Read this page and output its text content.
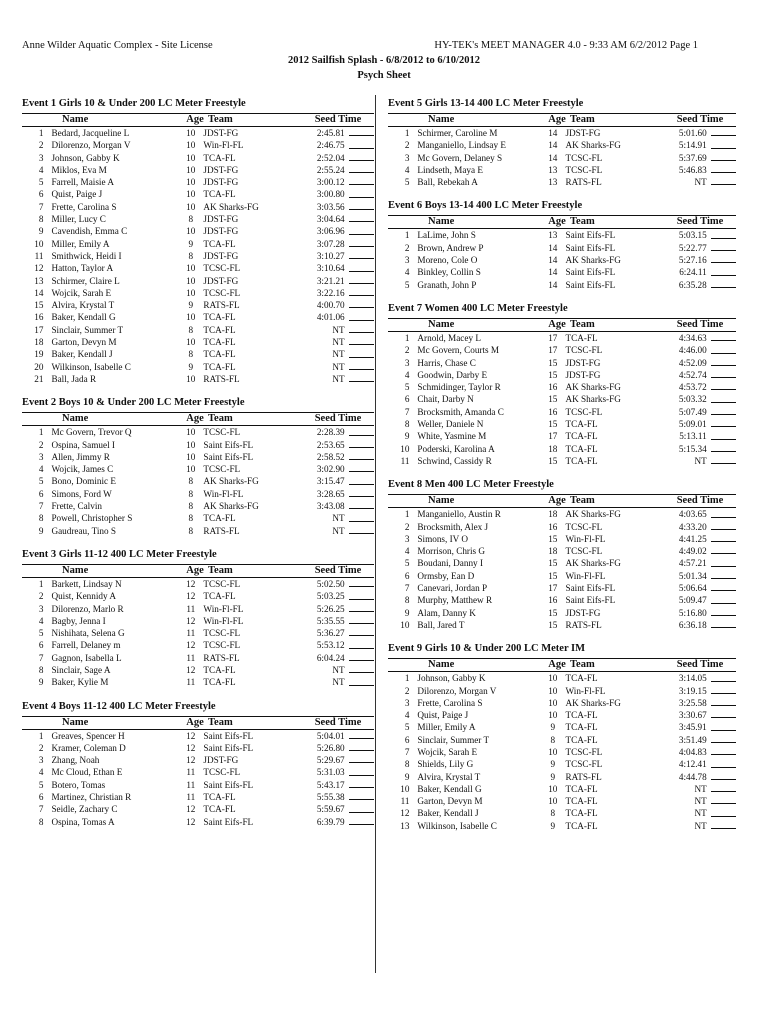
Anne Wilder Aquatic Complex - Site License	HY-TEK's MEET MANAGER 4.0 - 9:33 AM 6/2/2012 Page 1
2012 Sailfish Splash - 6/8/2012 to 6/10/2012
Psych Sheet
Event 1 Girls 10 & Under 200 LC Meter Freestyle
Name	Age Team	Seed Time
1 Bedard, Jacqueline L	10 JDST-FG	2:45.81
2 Dilorenzo, Morgan V	10 Win-Fl-FL	2:46.75
3 Johnson, Gabby K	10 TCA-FL	2:52.04
4 Miklos, Eva M	10 JDST-FG	2:55.24
5 Farrell, Maisie A	10 JDST-FG	3:00.12
6 Quist, Paige J	10 TCA-FL	3:00.80
7 Frette, Carolina S	10 AK Sharks-FG	3:03.56
8 Miller, Lucy C	8	JDST-FG	3:04.64
9 Cavendish, Emma C	10 JDST-FG	3:06.96
10 Miller, Emily A	9	TCA-FL	3:07.28
11 Smithwick, Heidi I	8	JDST-FG	3:10.27
12 Hatton, Taylor A	10 TCSC-FL	3:10.64
13 Schirmer, Claire L	10 JDST-FG	3:21.21
14 Wojcik, Sarah E	10 TCSC-FL	3:22.16
15 Alvira, Krystal T	9	RATS-FL	4:00.70
16 Baker, Kendall G	10 TCA-FL	4:01.06
17 Sinclair, Summer T	8	TCA-FL	NT
18 Garton, Devyn M	10 TCA-FL	NT
19 Baker, Kendall J	8	TCA-FL	NT
20 Wilkinson, Isabelle C	9	TCA-FL	NT
21 Ball, Jada R	10 RATS-FL	NT
Event 2 Boys 10 & Under 200 LC Meter Freestyle
Name	Age Team	Seed Time
1 Mc Govern, Trevor Q	10 TCSC-FL	2:28.39
2 Ospina, Samuel I	10 Saint Eifs-FL	2:53.65
3 Allen, Jimmy R	10 Saint Eifs-FL	2:58.52
4 Wojcik, James C	10 TCSC-FL	3:02.90
5 Bono, Dominic E	8	AK Sharks-FG	3:15.47
6 Simons, Ford W	8	Win-Fl-FL	3:28.65
7 Frette, Calvin	8	AK Sharks-FG	3:43.08
8 Powell, Christopher S	8	TCA-FL	NT
9 Gaudreau, Tino S	8	RATS-FL	NT
Event 3 Girls 11-12 400 LC Meter Freestyle
Name	Age Team	Seed Time
1 Barkett, Lindsay N	12 TCSC-FL	5:02.50
2 Quist, Kennidy A	12 TCA-FL	5:03.25
3 Dilorenzo, Marlo R	11 Win-Fl-FL	5:26.25
4 Bagby, Jenna I	12 Win-Fl-FL	5:35.55
5 Nishihata, Selena G	11 TCSC-FL	5:36.27
6 Farrell, Delaney m	12 TCSC-FL	5:53.12
7 Gagnon, Isabella L	11 RATS-FL	6:04.24
8 Sinclair, Sage A	12 TCA-FL	NT
9 Baker, Kylie M	11 TCA-FL	NT
Event 4 Boys 11-12 400 LC Meter Freestyle
Name	Age Team	Seed Time
1 Greaves, Spencer H	12 Saint Eifs-FL	5:04.01
2 Kramer, Coleman D	12 Saint Eifs-FL	5:26.80
3 Zhang, Noah	12 JDST-FG	5:29.67
4 Mc Cloud, Ethan E	11 TCSC-FL	5:31.03
5 Botero, Tomas	11 Saint Eifs-FL	5:43.17
6 Martinez, Christian R	11 TCA-FL	5:55.38
7 Seidle, Zachary C	12 TCA-FL	5:59.67
8 Ospina, Tomas A	12 Saint Eifs-FL	6:39.79
Event 5 Girls 13-14 400 LC Meter Freestyle
Name	Age Team	Seed Time
1 Schirmer, Caroline M	14 JDST-FG	5:01.60
2 Manganiello, Lindsay E	14 AK Sharks-FG	5:14.91
3 Mc Govern, Delaney S	14 TCSC-FL	5:37.69
4 Lindseth, Maya E	13 TCSC-FL	5:46.83
5 Ball, Rebekah A	13 RATS-FL	NT
Event 6 Boys 13-14 400 LC Meter Freestyle
Name	Age Team	Seed Time
1 LaLime, John S	13 Saint Eifs-FL	5:03.15
2 Brown, Andrew P	14 Saint Eifs-FL	5:22.77
3 Moreno, Cole O	14 AK Sharks-FG	5:27.16
4 Binkley, Collin S	14 Saint Eifs-FL	6:24.11
5 Granath, John P	14 Saint Eifs-FL	6:35.28
Event 7 Women 400 LC Meter Freestyle
Name	Age Team	Seed Time
1 Arnold, Macey L	17 TCA-FL	4:34.63
2 Mc Govern, Courts M	17 TCSC-FL	4:46.00
3 Harris, Chase C	15 JDST-FG	4:52.09
4 Goodwin, Darby E	15 JDST-FG	4:52.74
5 Schmidinger, Taylor R	16 AK Sharks-FG	4:53.72
6 Chait, Darby N	15 AK Sharks-FG	5:03.32
7 Brocksmith, Amanda C	16 TCSC-FL	5:07.49
8 Weller, Daniele N	15 TCA-FL	5:09.01
9 White, Yasmine M	17 TCA-FL	5:13.11
10 Poderski, Karolina A	18 TCA-FL	5:15.34
11 Schwind, Cassidy R	15 TCA-FL	NT
Event 8 Men 400 LC Meter Freestyle
Name	Age Team	Seed Time
1 Manganiello, Austin R	18 AK Sharks-FG	4:03.65
2 Brocksmith, Alex J	16 TCSC-FL	4:33.20
3 Simons, IV O	15 Win-Fl-FL	4:41.25
4 Morrison, Chris G	18 TCSC-FL	4:49.02
5 Boudani, Danny I	15 AK Sharks-FG	4:57.21
6 Ormsby, Ean D	15 Win-Fl-FL	5:01.34
7 Canevari, Jordan P	17 Saint Eifs-FL	5:06.64
8 Murphy, Matthew R	16 Saint Eifs-FL	5:09.47
9 Alam, Danny K	15 JDST-FG	5:16.80
10 Ball, Jared T	15 RATS-FL	6:36.18
Event 9 Girls 10 & Under 200 LC Meter IM
Name	Age Team	Seed Time
1 Johnson, Gabby K	10 TCA-FL	3:14.05
2 Dilorenzo, Morgan V	10 Win-Fl-FL	3:19.15
3 Frette, Carolina S	10 AK Sharks-FG	3:25.58
4 Quist, Paige J	10 TCA-FL	3:30.67
5 Miller, Emily A	9	TCA-FL	3:45.91
6 Sinclair, Summer T	8	TCA-FL	3:51.49
7 Wojcik, Sarah E	10 TCSC-FL	4:04.83
8 Shields, Lily G	9	TCSC-FL	4:12.41
9 Alvira, Krystal T	9	RATS-FL	4:44.78
10 Baker, Kendall G	10 TCA-FL	NT
11 Garton, Devyn M	10 TCA-FL	NT
12 Baker, Kendall J	8	TCA-FL	NT
13 Wilkinson, Isabelle C	9	TCA-FL	NT
